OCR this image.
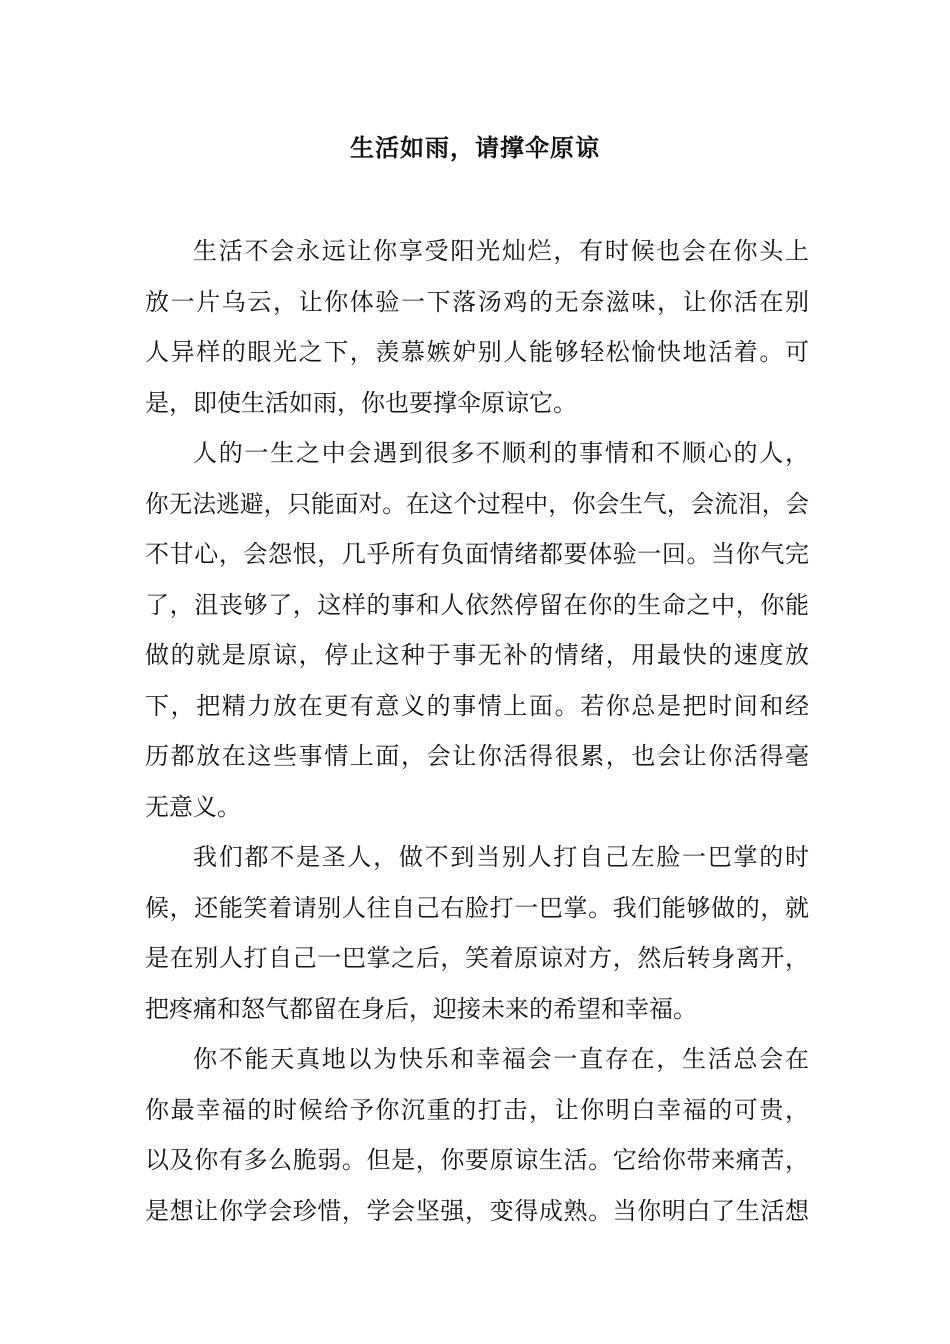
生活如雨，请撑伞原谅
生活不会永远让你享受阳光灿烂，有时候也会在你头上
放一片乌云，让你体验一下落汤鸡的无奈滋味，让你活在别
人异样的眼光之下，羡慕嫉妒别人能够轻松愉快地活着。可
是，即使生活如雨，你也要撑伞原谅它。
人的一生之中会遇到很多不顺利的事情和不顺心的人，
你无法逃避，只能面对。在这个过程中，你会生气，会流泪，会
不甘心，会怨恨，几乎所有负面情绪都要体验一回。当你气完
了，沮丧够了，这样的事和人依然停留在你的生命之中，你能
做的就是原谅，停止这种于事无补的情绪，用最快的速度放
下，把精力放在更有意义的事情上面。若你总是把时间和经
历都放在这些事情上面，会让你活得很累，也会让你活得毫
无意义。
我们都不是圣人，做不到当别人打自己左脸一巴掌的时
候，还能笑着请别人往自己右脸打一巴掌。我们能够做的，就
是在别人打自己一巴掌之后，笑着原谅对方，然后转身离开，
把疼痛和怒气都留在身后，迎接未来的希望和幸福。
你不能天真地以为快乐和幸福会一直存在，生活总会在
你最幸福的时候给予你沉重的打击，让你明白幸福的可贵，
以及你有多么脆弱。但是，你要原谅生活。它给你带来痛苦，
是想让你学会珍惜，学会坚强，变得成熟。当你明白了生活想
